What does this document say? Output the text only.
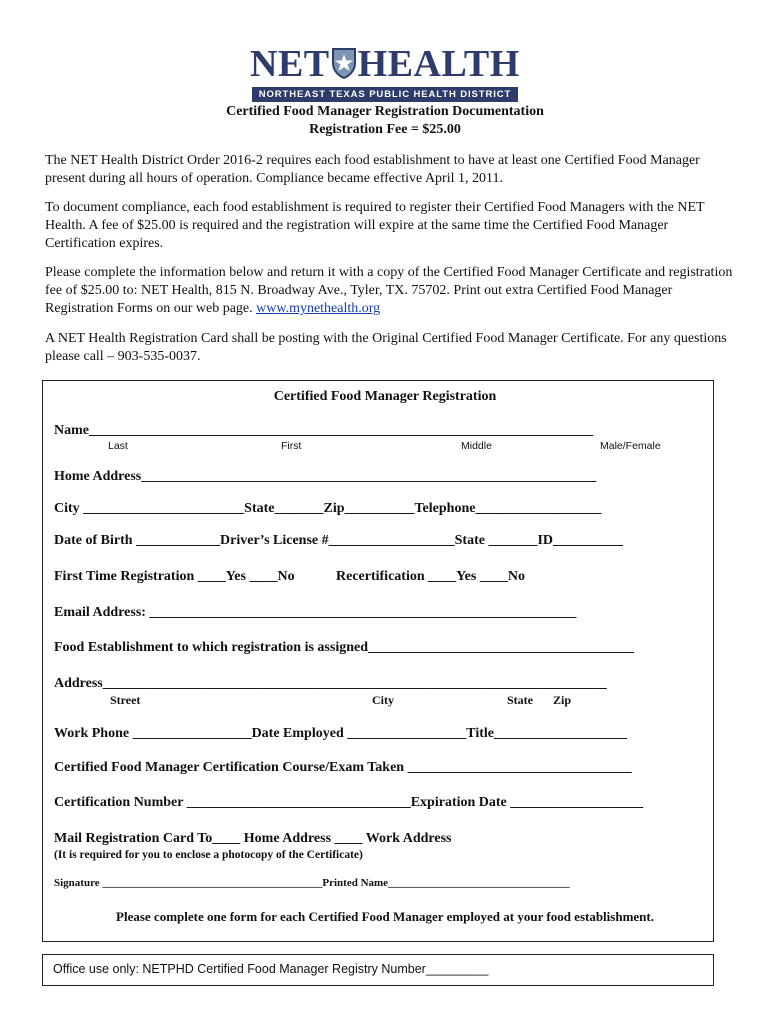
NET HEALTH
NORTHEAST TEXAS PUBLIC HEALTH DISTRICT
Certified Food Manager Registration Documentation
Registration Fee = $25.00
The NET Health District Order 2016-2 requires each food establishment to have at least one Certified Food Manager present during all hours of operation. Compliance became effective April 1, 2011.
To document compliance, each food establishment is required to register their Certified Food Managers with the NET Health. A fee of $25.00 is required and the registration will expire at the same time the Certified Food Manager Certification expires.
Please complete the information below and return it with a copy of the Certified Food Manager Certificate and registration fee of $25.00 to: NET Health, 815 N. Broadway Ave., Tyler, TX. 75702. Print out extra Certified Food Manager Registration Forms on our web page. www.mynethealth.org
A NET Health Registration Card shall be posting with the Original Certified Food Manager Certificate. For any questions please call – 903-535-0037.
Certified Food Manager Registration
Name________________________________________________________________________
Last	First	Middle	Male/Female
Home Address_________________________________________________________________
City _______________________State_______Zip__________Telephone__________________
Date of Birth ____________Driver’s License #__________________State _______ID__________
First Time Registration ____Yes ____No	Recertification ____Yes ____No
Email Address: _____________________________________________________________
Food Establishment to which registration is assigned______________________________________
Address________________________________________________________________________
Street	City	State Zip
Work Phone _________________Date Employed _________________Title___________________
Certified Food Manager Certification Course/Exam Taken ________________________________
Certification Number ________________________________Expiration Date ___________________
Mail Registration Card To____ Home Address ____ Work Address
(It is required for you to enclose a photocopy of the Certificate)
Signature ________________________________________Printed Name_________________________________
Please complete one form for each Certified Food Manager employed at your food establishment.
Office use only: NETPHD Certified Food Manager Registry Number_________
